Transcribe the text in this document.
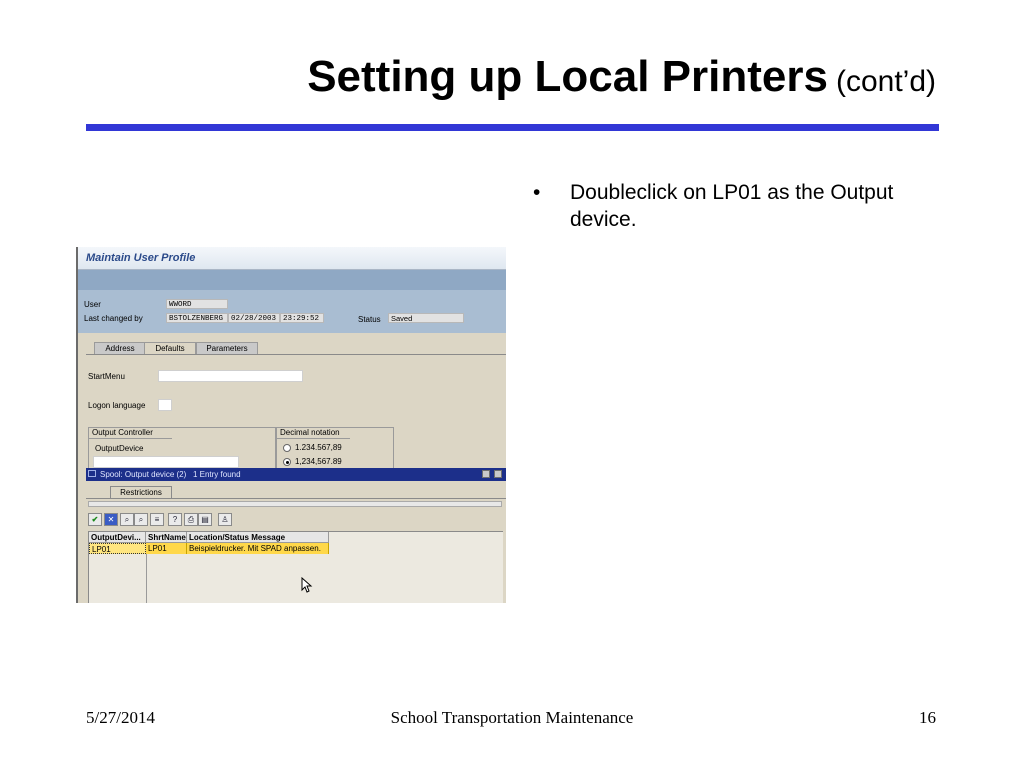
Setting up Local Printers (cont’d)
• Doubleclick on LP01 as the Output device.
Maintain User Profile
User	WWORD
Last changed by	BSTOLZENBERG	02/28/2003 23:29:52	Status	Saved
Address	Defaults	Parameters
StartMenu
Logon language
Output Controller
OutputDevice
Decimal notation
1.234.567,89
1,234,567.89
Spool: Output device (2) 1 Entry found
Restrictions
✔	✕	⌕	⌕	≡	?	⎙ ▤	♙
OutputDevi... ShrtName Location/Status Message
LP01	LP01	Beispieldrucker. Mit SPAD anpassen.
5/27/2014	School Transportation Maintenance	16
